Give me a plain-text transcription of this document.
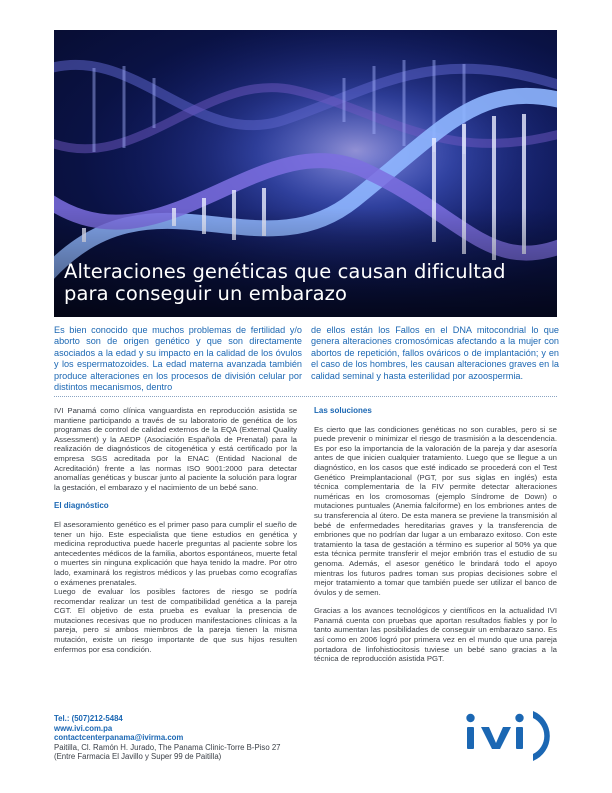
Alteraciones genéticas que causan dificultad para conseguir un embarazo

Es bien conocido que muchos problemas de fertilidad y/o aborto son de origen genético y que son directamente asociados a la edad y su impacto en la calidad de los óvulos y los espermatozoides. La edad materna avanzada también produce alteraciones en los procesos de división celular por distintos mecanismos, dentro

de ellos están los Fallos en el DNA mitocondrial lo que genera alteraciones cromosómicas afectando a la mujer con abortos de repetición, fallos ováricos o de implantación; y en el caso de los hombres, les causan alteraciones graves en la calidad seminal y hasta esterilidad por azoospermia.

IVI Panamá como clínica vanguardista en reproducción asistida se mantiene participando a través de su laboratorio de genética de los programas de control de calidad externos de la EQA (External Quality Assessment) y la AEDP (Asociación Española de Prenatal) para la realización de diagnósticos de citogenética y está certificado por la empresa SGS acreditada por la ENAC (Entidad Nacional de Acreditación) frente a las normas ISO 9001:2000 para detectar anomalías genéticas y buscar junto al paciente la solución para lograr la gestación, el embarazo y el nacimiento de un bebé sano.

El diagnóstico

El asesoramiento genético es el primer paso para cumplir el sueño de tener un hijo. Este especialista que tiene estudios en genética y medicina reproductiva puede hacerle preguntas al paciente sobre los antecedentes médicos de la familia, abortos espontáneos, muerte fetal o muertes sin ninguna explicación que haya tenido la madre. Por otro lado, examinará los registros médicos y las pruebas como ecografías o exámenes prenatales.

Luego de evaluar los posibles factores de riesgo se podría recomendar realizar un test de compatibilidad genética a la pareja CGT. El objetivo de esta prueba es evaluar la presencia de mutaciones recesivas que no producen manifestaciones clínicas a la pareja, pero si ambos miembros de la pareja tienen la misma mutación, existe un riesgo importante de que sus hijos resulten enfermos por esa condición.

Las soluciones

Es cierto que las condiciones genéticas no son curables, pero si se puede prevenir o minimizar el riesgo de trasmisión a la descendencia. Es por eso la importancia de la valoración de la pareja y dar asesoría antes de que inicien cualquier tratamiento. Luego que se llegue a un diagnóstico, en los casos que esté indicado se procederá con el Test Genético Preimplantacional (PGT, por sus siglas en inglés) esta técnica complementaria de la FIV permite detectar alteraciones numéricas en los cromosomas (ejemplo Síndrome de Down) o mutaciones puntuales (Anemia falciforme) en los embriones antes de su transferencia al útero. De esta manera se previene la transmisión al bebé de enfermedades hereditarias graves y la transferencia de embriones que no podrían dar lugar a un embarazo exitoso. Con este tratamiento la tasa de gestación a término es superior al 50% ya que esta técnica permite transferir el mejor embrión tras el estudio de su genoma. Además, el asesor genético le brindará todo el apoyo mientras los futuros padres toman sus propias decisiones sobre el mejor tratamiento a tomar que también puede ser utilizar el banco de óvulos y de semen.

Gracias a los avances tecnológicos y científicos en la actualidad IVI Panamá cuenta con pruebas que aportan resultados fiables y por lo tanto aumentan las posibilidades de conseguir un embarazo sano. Es así como en 2006 logró por primera vez en el mundo que una pareja portadora de linfohistiocitosis tuviese un bebé sano gracias a la técnica de reproducción asistida PGT.

Tel.: (507)212-5484
www.ivi.com.pa
contactcenterpanama@ivirma.com
Paitilla, Cl. Ramón H. Jurado, The Panama Clinic-Torre B-Piso 27
(Entre Farmacia El Javillo y Super 99 de Paitilla)
